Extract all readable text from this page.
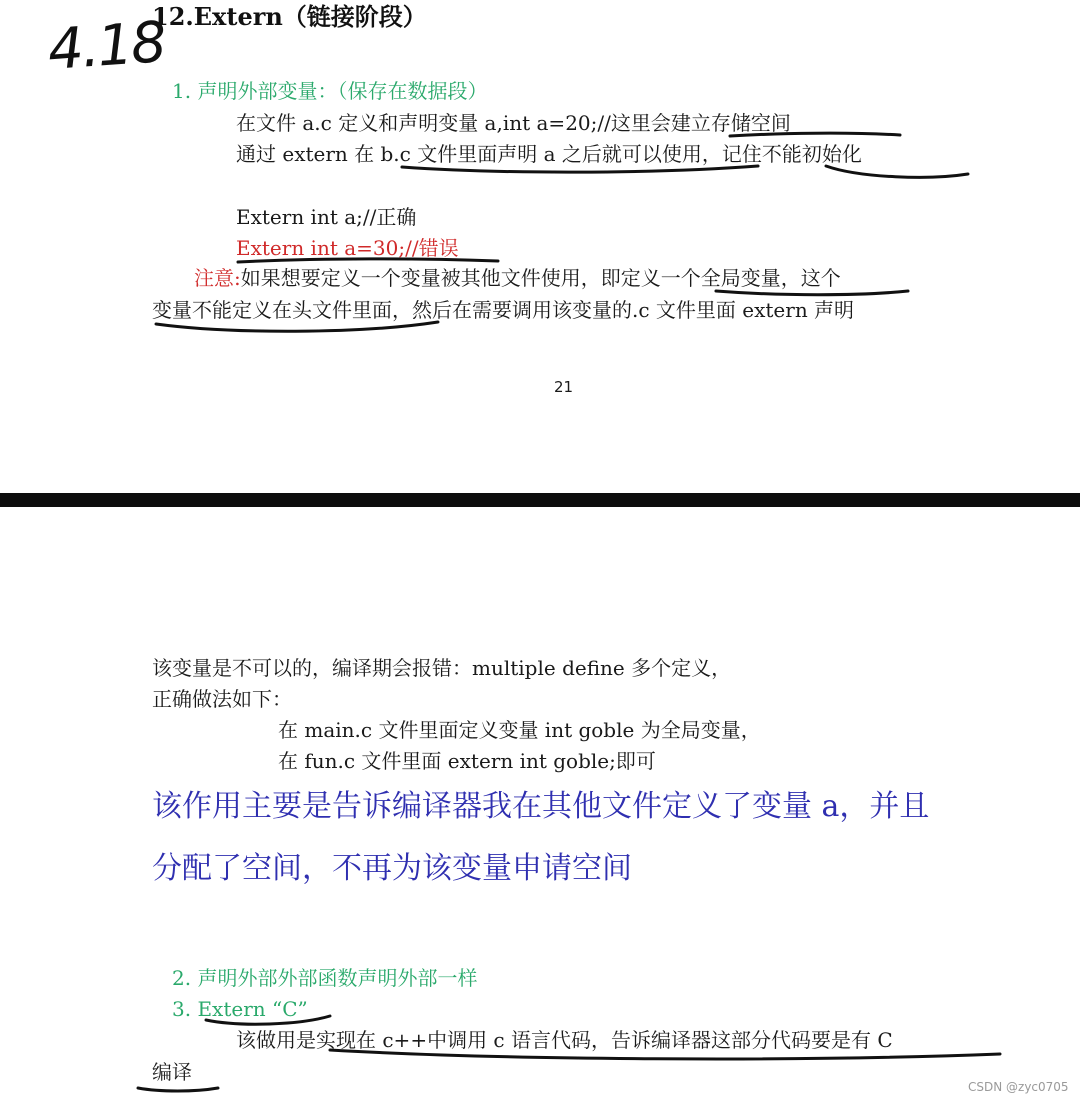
4.18
12.Extern（链接阶段）
1. 声明外部变量：（保存在数据段）
在文件 a.c 定义和声明变量 a,int a=20;//这里会建立存储空间
通过 extern 在 b.c 文件里面声明 a 之后就可以使用，记住不能初始化
Extern int a;//正确
Extern int a=30;//错误
注意:如果想要定义一个变量被其他文件使用，即定义一个全局变量，这个
变量不能定义在头文件里面，然后在需要调用该变量的.c 文件里面 extern 声明
21
该变量是不可以的，编译期会报错：multiple define 多个定义，
正确做法如下：
在 main.c 文件里面定义变量 int goble 为全局变量，
在 fun.c 文件里面 extern int goble;即可
该作用主要是告诉编译器我在其他文件定义了变量 a，并且
分配了空间，不再为该变量申请空间
2. 声明外部外部函数声明外部一样
3. Extern “C”
该做用是实现在 c++中调用 c 语言代码，告诉编译器这部分代码要是有 C
编译
CSDN @zyc0705
